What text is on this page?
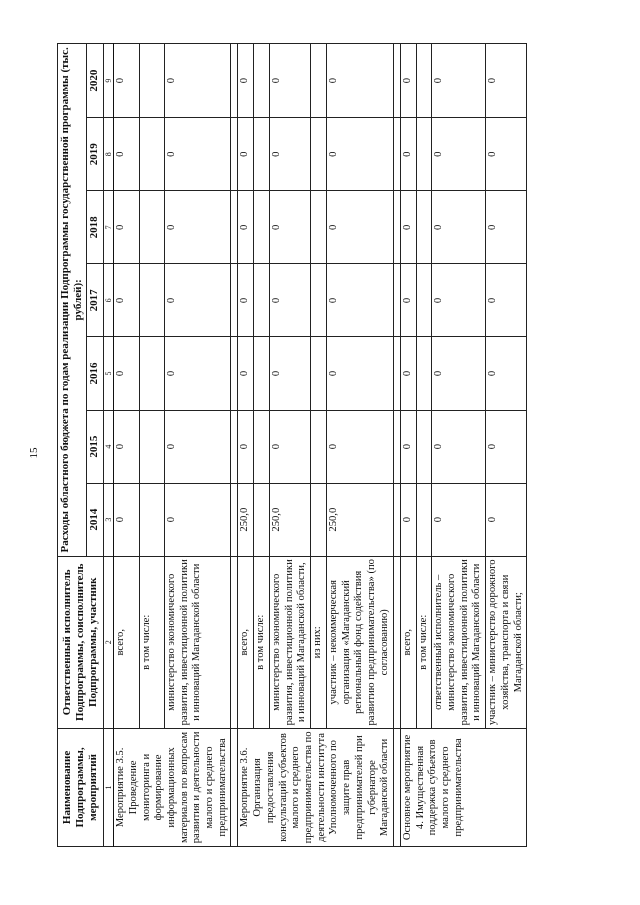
15
Наименование Подпрограммы, мероприятий	Ответственный исполнитель Подпрограммы, соисполнитель Подпрограммы, участник	Расходы областного бюджета по годам реализации Подпрограммы государственной программы (тыс. рублей):						
		2014	2015	2016	2017	2018	2019	2020
1	2	3	4	5	6	7	8	9
Мероприятие 3.5. Проведение мониторинга и формирование информационных материалов по вопросам развития и деятельности малого и среднего предпринимательства	всего,	0	0	0	0	0	0	0
	в том числе:							
	министерство экономического развития, инвестиционной политики и инноваций Магаданской области	0	0	0	0	0	0	0

Мероприятие 3.6. Организация предоставления консультаций субъектов малого и среднего предпринимательства по деятельности института Уполномоченного по защите прав предпринимателей при губернаторе Магаданской области	всего,	250,0	0	0	0	0	0	0
	в том числе:							
	министерство экономического развития, инвестиционной политики и инноваций Магаданской области,	250,0	0	0	0	0	0	0
	из них:							
	участник – некоммерческая организация «Магаданский региональный фонд содействия развитию предпринимательства» (по согласованию)	250,0	0	0	0	0	0	0

Основное мероприятие 4. Имущественная поддержка субъектов малого и среднего предпринимательства	всего,	0	0	0	0	0	0	0
	в том числе:							
	ответственный исполнитель – министерство экономического развития, инвестиционной политики и инноваций Магаданской области	0	0	0	0	0	0	0
	участник – министерство дорожного хозяйства, транспорта и связи Магаданской области;	0	0	0	0	0	0	0
